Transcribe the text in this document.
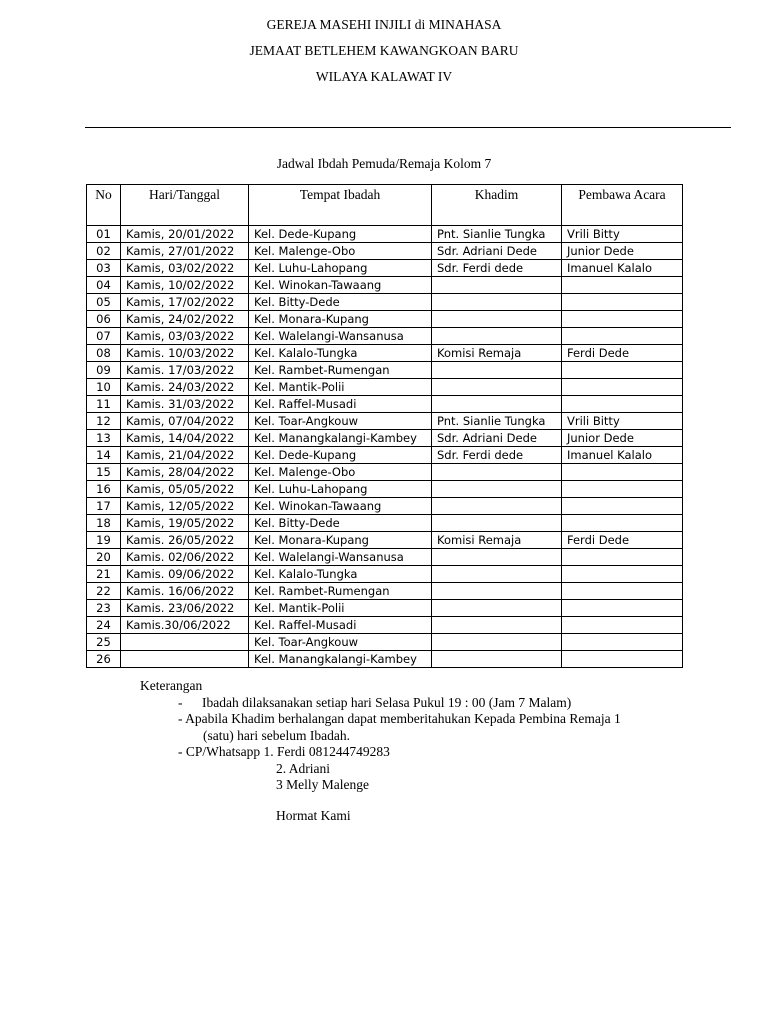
GEREJA MASEHI INJILI di MINAHASA
JEMAAT BETLEHEM KAWANGKOAN BARU
WILAYA KALAWAT IV
Jadwal Ibdah Pemuda/Remaja Kolom 7
No	Hari/Tanggal	Tempat Ibadah	Khadim	Pembawa Acara
01	Kamis, 20/01/2022	Kel. Dede-Kupang	Pnt. Sianlie Tungka	Vrili Bitty
02	Kamis, 27/01/2022	Kel. Malenge-Obo	Sdr. Adriani Dede	Junior Dede
03	Kamis, 03/02/2022	Kel. Luhu-Lahopang	Sdr. Ferdi dede	Imanuel Kalalo
04	Kamis, 10/02/2022	Kel. Winokan-Tawaang		
05	Kamis, 17/02/2022	Kel. Bitty-Dede		
06	Kamis, 24/02/2022	Kel. Monara-Kupang		
07	Kamis, 03/03/2022	Kel. Walelangi-Wansanusa		
08	Kamis. 10/03/2022	Kel. Kalalo-Tungka	Komisi Remaja	Ferdi Dede
09	Kamis. 17/03/2022	Kel. Rambet-Rumengan		
10	Kamis. 24/03/2022	Kel. Mantik-Polii		
11	Kamis. 31/03/2022	Kel. Raffel-Musadi		
12	Kamis, 07/04/2022	Kel. Toar-Angkouw	Pnt. Sianlie Tungka	Vrili Bitty
13	Kamis, 14/04/2022	Kel. Manangkalangi-Kambey	Sdr. Adriani Dede	Junior Dede
14	Kamis, 21/04/2022	Kel. Dede-Kupang	Sdr. Ferdi dede	Imanuel Kalalo
15	Kamis, 28/04/2022	Kel. Malenge-Obo		
16	Kamis, 05/05/2022	Kel. Luhu-Lahopang		
17	Kamis, 12/05/2022	Kel. Winokan-Tawaang		
18	Kamis, 19/05/2022	Kel. Bitty-Dede		
19	Kamis. 26/05/2022	Kel. Monara-Kupang	Komisi Remaja	Ferdi Dede
20	Kamis. 02/06/2022	Kel. Walelangi-Wansanusa		
21	Kamis. 09/06/2022	Kel. Kalalo-Tungka		
22	Kamis. 16/06/2022	Kel. Rambet-Rumengan		
23	Kamis. 23/06/2022	Kel. Mantik-Polii		
24	Kamis.30/06/2022	Kel. Raffel-Musadi		
25		Kel. Toar-Angkouw		
26		Kel. Manangkalangi-Kambey		
Keterangan
- Ibadah dilaksanakan setiap hari Selasa Pukul 19 : 00 (Jam 7 Malam)
- Apabila Khadim berhalangan dapat memberitahukan Kepada Pembina Remaja 1
(satu) hari sebelum Ibadah.
- CP/Whatsapp 1. Ferdi 081244749283
2. Adriani
3 Melly Malenge
Hormat Kami
